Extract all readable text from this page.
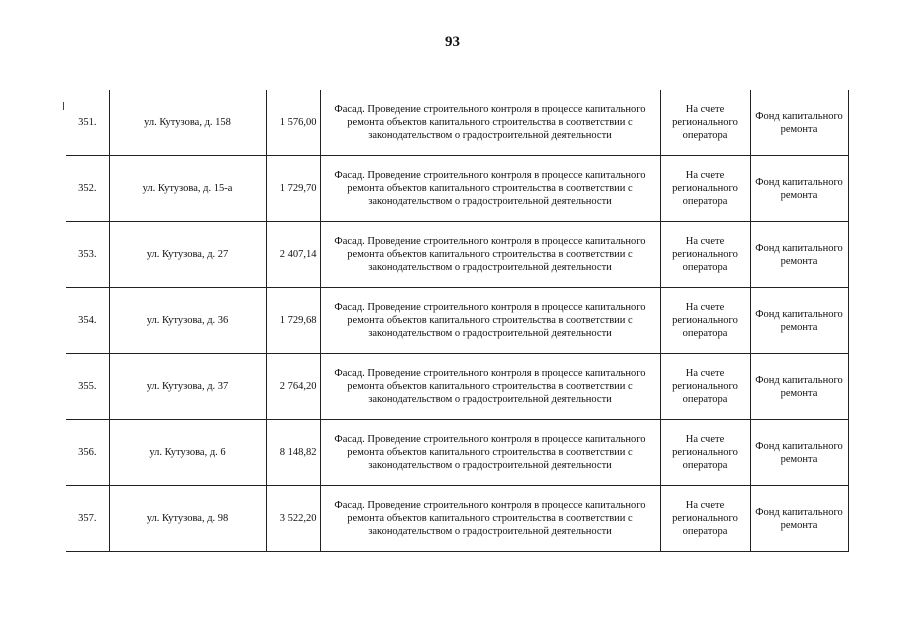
93
351.	ул. Кутузова, д. 158	1 576,00	Фасад. Проведение строительного контроля в процессе капитального ремонта объектов капитального строительства в соответствии с законодательством о градостроительной деятельности	На счете регионального оператора	Фонд капитального ремонта
352.	ул. Кутузова, д. 15-а	1 729,70	Фасад. Проведение строительного контроля в процессе капитального ремонта объектов капитального строительства в соответствии с законодательством о градостроительной деятельности	На счете регионального оператора	Фонд капитального ремонта
353.	ул. Кутузова, д. 27	2 407,14	Фасад. Проведение строительного контроля в процессе капитального ремонта объектов капитального строительства в соответствии с законодательством о градостроительной деятельности	На счете регионального оператора	Фонд капитального ремонта
354.	ул. Кутузова, д. 36	1 729,68	Фасад. Проведение строительного контроля в процессе капитального ремонта объектов капитального строительства в соответствии с законодательством о градостроительной деятельности	На счете регионального оператора	Фонд капитального ремонта
355.	ул. Кутузова, д. 37	2 764,20	Фасад. Проведение строительного контроля в процессе капитального ремонта объектов капитального строительства в соответствии с законодательством о градостроительной деятельности	На счете регионального оператора	Фонд капитального ремонта
356.	ул. Кутузова, д. 6	8 148,82	Фасад. Проведение строительного контроля в процессе капитального ремонта объектов капитального строительства в соответствии с законодательством о градостроительной деятельности	На счете регионального оператора	Фонд капитального ремонта
357.	ул. Кутузова, д. 98	3 522,20	Фасад. Проведение строительного контроля в процессе капитального ремонта объектов капитального строительства в соответствии с законодательством о градостроительной деятельности	На счете регионального оператора	Фонд капитального ремонта
